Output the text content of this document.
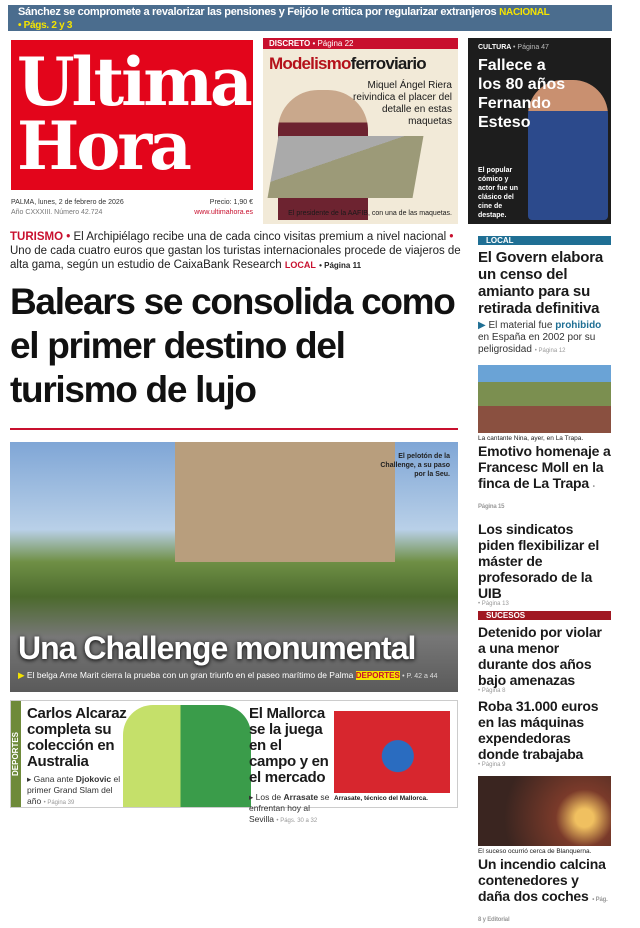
Sánchez se compromete a revalorizar las pensiones y Feijóo le critica por regularizar extranjeros NACIONAL • Págs. 2 y 3
Ultima
Hora
Precio: 1,90 €
PALMA, lunes, 2 de febrero de 2026
www.ultimahora.es
Año CXXXIII. Número 42.724
DISCRETO • Página 22
Modelismoferroviario
Miquel Ángel Riera reivindica el placer del detalle en estas maquetas
El presidente de la AAFIB, con una de las maquetas.
CULTURA • Página 47
Fallece a los 80 años Fernando Esteso

El popular cómico y actor fue un clásico del cine de destape.

TURISMO • El Archipiélago recibe una de cada cinco visitas premium a nivel nacional • Uno de cada cuatro euros que gastan los turistas internacionales procede de viajeros de alta gama, según un estudio de CaixaBank Research LOCAL • Página 11
Balears se consolida como el primer destino del turismo de lujo
El pelotón de la Challenge, a su paso por la Seu.
Una Challenge monumental
▶ El belga Arne Marit cierra la prueba con un gran triunfo en el paseo marítimo de Palma DEPORTES • P. 42 a 44
DEPORTES
Carlos Alcaraz completa su colección en Australia
▸ Gana ante Djokovic el primer Grand Slam del año • Página 39
El Mallorca se la juega en el campo y en el mercado
▸ Los de Arrasate se enfrentan hoy al Sevilla • Págs. 30 a 32
Arrasate, técnico del Mallorca.
LOCAL
El Govern elabora un censo del amianto para su retirada definitiva
▶ El material fue prohibido en España en 2002 por su peligrosidad • Página 12
La cantante Nina, ayer, en La Trapa.
Emotivo homenaje a Francesc Moll en la finca de La Trapa • Página 15
Los sindicatos piden flexibilizar el máster de profesorado de la UIB
• Página 13
SUCESOS
Detenido por violar a una menor durante dos años bajo amenazas
• Página 8
Roba 31.000 euros en las máquinas expendedoras donde trabajaba
• Página 9
El suceso ocurrió cerca de Blanquerna.
Un incendio calcina contenedores y daña dos coches • Pág. 8 y Editorial
